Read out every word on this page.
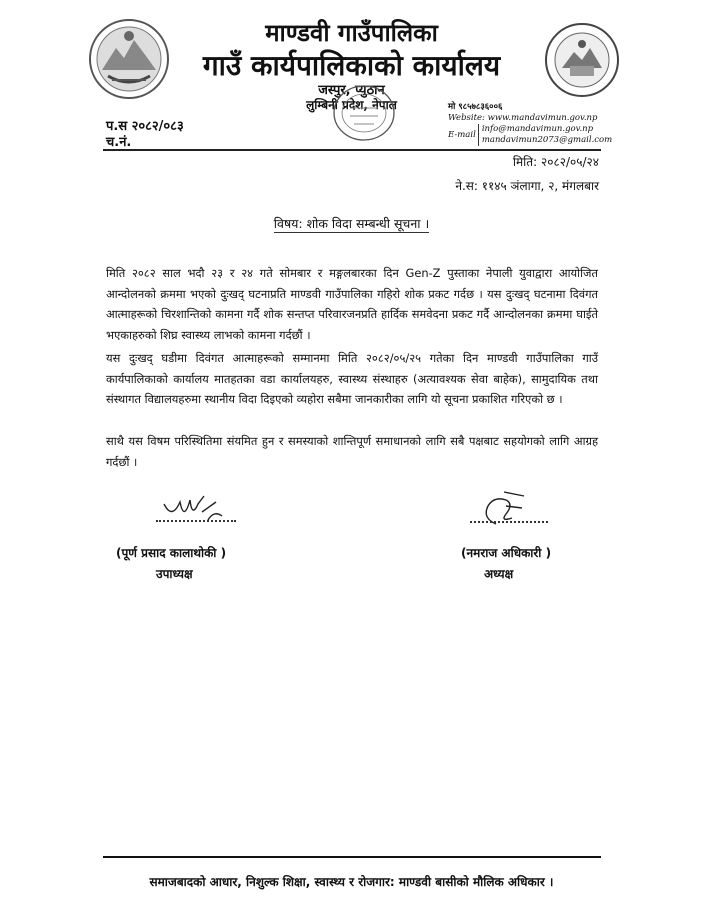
माण्डवी गाउँपालिका
गाउँ कार्यपालिकाको कार्यालय
जस्पुर, प्युठान
लुम्बिनी प्रदेश, नेपाल
प.स २०८२/०८३
च.नं.
मो ९८५७८३६००६
Website: www.mandavimun.gov.np
E-mail
info@mandavimun.gov.np
mandavimun2073@gmail.com
मिति: २०८२/०५/२४
ने.स: ११४५ ञंलागा, २, मंगलबार
विषय: शोक विदा सम्बन्धी सूचना ।
मिति २०८२ साल भदौ २३ र २४ गते सोमबार र मङ्गलबारका दिन Gen-Z पुस्ताका नेपाली युवाद्वारा आयोजित आन्दोलनको क्रममा भएको दुःखद् घटनाप्रति माण्डवी गाउँपालिका गहिरो शोक प्रकट गर्दछ । यस दुःखद् घटनामा दिवंगत आत्माहरूको चिरशान्तिको कामना गर्दै शोक सन्तप्त परिवारजनप्रति हार्दिक समवेदना प्रकट गर्दै आन्दोलनका क्रममा घाईते भएकाहरुको शिघ्र स्वास्थ्य लाभको कामना गर्दछौं ।
यस दुःखद् घडीमा दिवंगत आत्माहरूको सम्मानमा मिति २०८२/०५/२५ गतेका दिन माण्डवी गाउँपालिका गाउँ कार्यपालिकाको कार्यालय मातहतका वडा कार्यालयहरु, स्वास्थ्य संस्थाहरु (अत्यावश्यक सेवा बाहेक), सामुदायिक तथा संस्थागत विद्यालयहरुमा स्थानीय विदा दिइएको व्यहोरा सबैमा जानकारीका लागि यो सूचना प्रकाशित गरिएको छ ।
साथै यस विषम परिस्थितिमा संयमित हुन र समस्याको शान्तिपूर्ण समाधानको लागि सबै पक्षबाट सहयोगको लागि आग्रह गर्दछौं ।
(पूर्ण प्रसाद कालाथोकी )	(नमराज अधिकारी )
उपाध्यक्ष	अध्यक्ष
समाजबादको आधार, निशुल्क शिक्षा, स्वास्थ्य र रोजगार: माण्डवी बासीको मौलिक अधिकार ।
